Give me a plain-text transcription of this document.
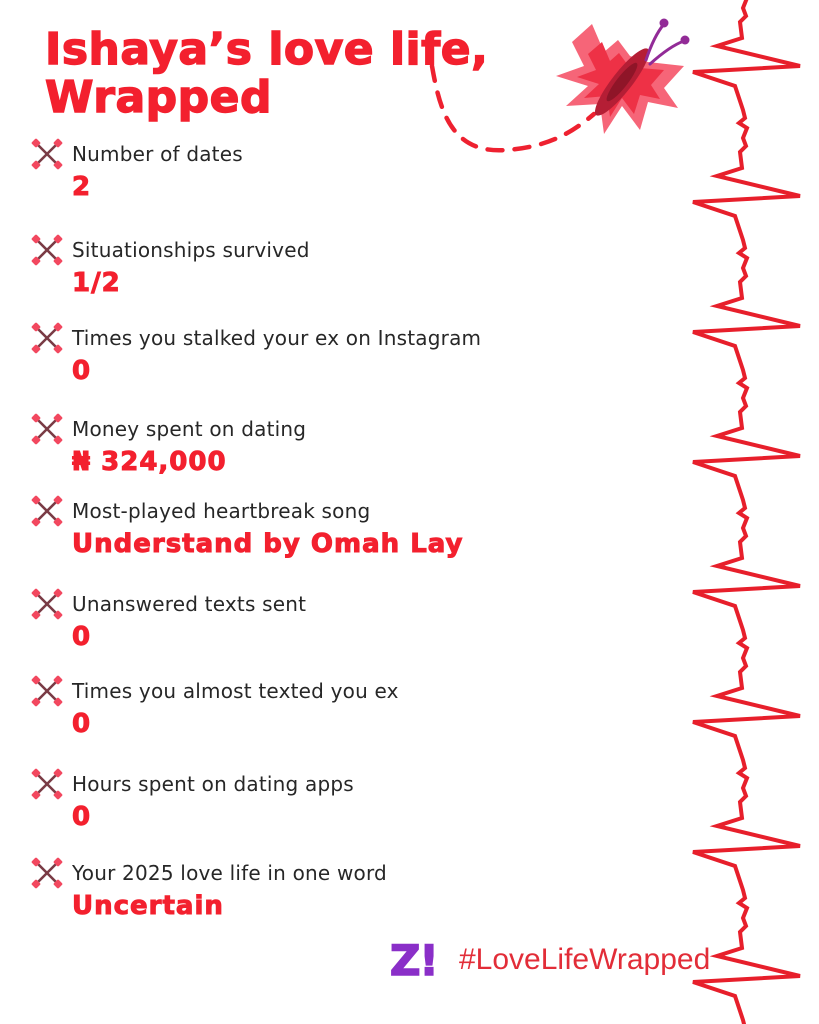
Ishaya’s love life,
Wrapped
Number of dates
2
Situationships survived
1/2
Times you stalked your ex on Instagram
0
Money spent on dating
₦ 324,000
Most-played heartbreak song
Understand by Omah Lay
Unanswered texts sent
0
Times you almost texted you ex
0
Hours spent on dating apps
0
Your 2025 love life in one word
Uncertain
Z! #LoveLifeWrapped
